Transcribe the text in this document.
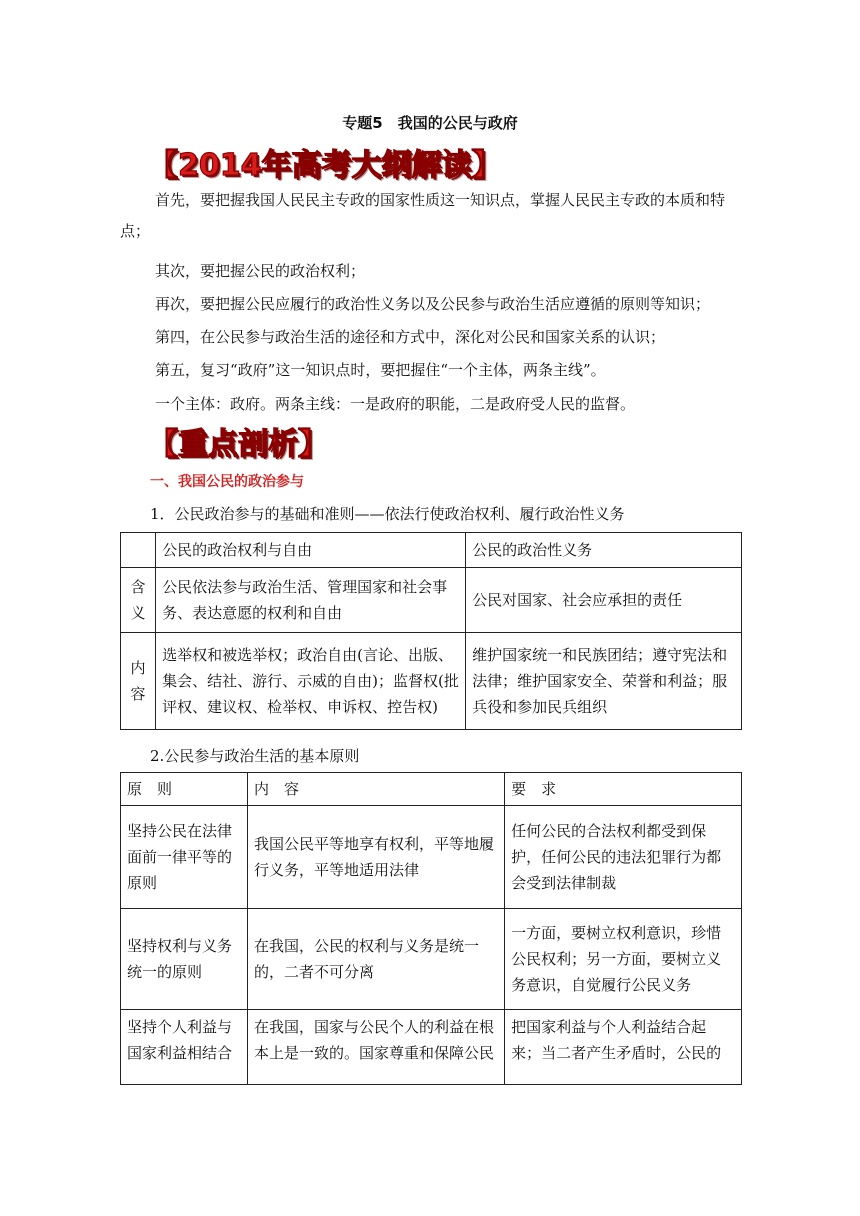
专题5　我国的公民与政府
【2014年高考大纲解读】
首先，要把握我国人民民主专政的国家性质这一知识点，掌握人民民主专政的本质和特点；
其次，要把握公民的政治权利；
再次，要把握公民应履行的政治性义务以及公民参与政治生活应遵循的原则等知识；
第四，在公民参与政治生活的途径和方式中，深化对公民和国家关系的认识；
第五，复习“政府”这一知识点时，要把握住“一个主体，两条主线”。
一个主体：政府。两条主线：一是政府的职能，二是政府受人民的监督。
【重点剖析】
一、我国公民的政治参与
1．公民政治参与的基础和准则——依法行使政治权利、履行政治性义务
	公民的政治权利与自由	公民的政治性义务
含
义	公民依法参与政治生活、管理国家和社会事务、表达意愿的权利和自由	公民对国家、社会应承担的责任
内
容	选举权和被选举权；政治自由(言论、出版、集会、结社、游行、示威的自由)；监督权(批评权、建议权、检举权、申诉权、控告权)	维护国家统一和民族团结；遵守宪法和法律；维护国家安全、荣誉和利益；服兵役和参加民兵组织
2.公民参与政治生活的基本原则
原　则	内　容	要　求
坚持公民在法律面前一律平等的原则	我国公民平等地享有权利，平等地履行义务，平等地适用法律	任何公民的合法权利都受到保护，任何公民的违法犯罪行为都会受到法律制裁
坚持权利与义务统一的原则	在我国，公民的权利与义务是统一的，二者不可分离	一方面，要树立权利意识，珍惜公民权利；另一方面，要树立义务意识，自觉履行公民义务
坚持个人利益与国家利益相结合	在我国，国家与公民个人的利益在根本上是一致的。国家尊重和保障公民	把国家利益与个人利益结合起来；当二者产生矛盾时，公民的
